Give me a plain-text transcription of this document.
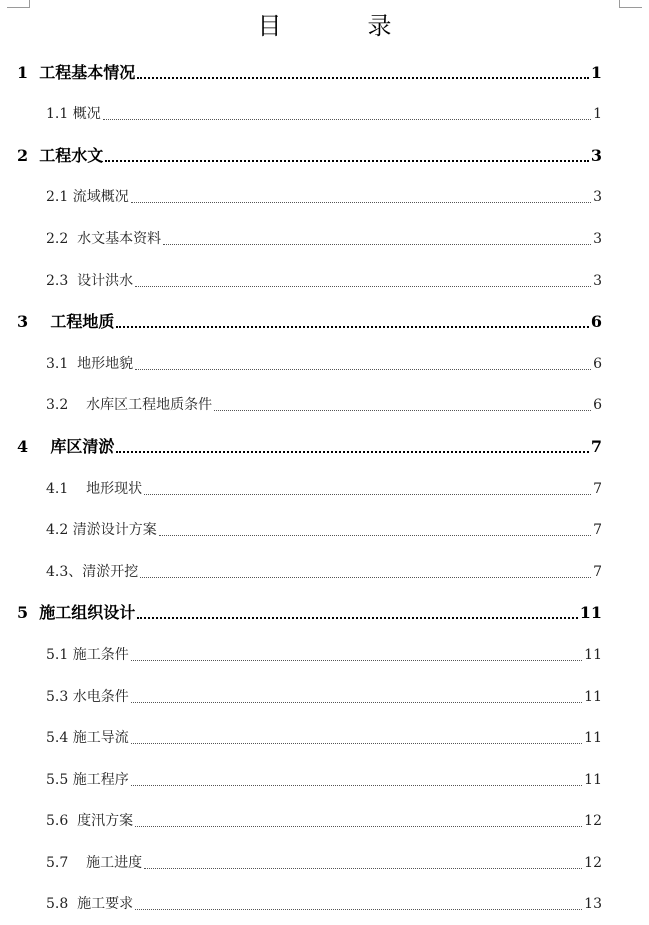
目	录
1  工程基本情况	1
1.1 概况	1
2  工程水文	3
2.1 流域概况	3
2.2  水文基本资料	3
2.3  设计洪水	3
3    工程地质	6
3.1  地形地貌	6
3.2    水库区工程地质条件	6
4    库区清淤	7
4.1    地形现状	7
4.2 清淤设计方案	7
4.3、清淤开挖	7
5  施工组织设计	11
5.1 施工条件	11
5.3 水电条件	11
5.4 施工导流	11
5.5 施工程序	11
5.6  度汛方案	12
5.7    施工进度	12
5.8  施工要求	13
